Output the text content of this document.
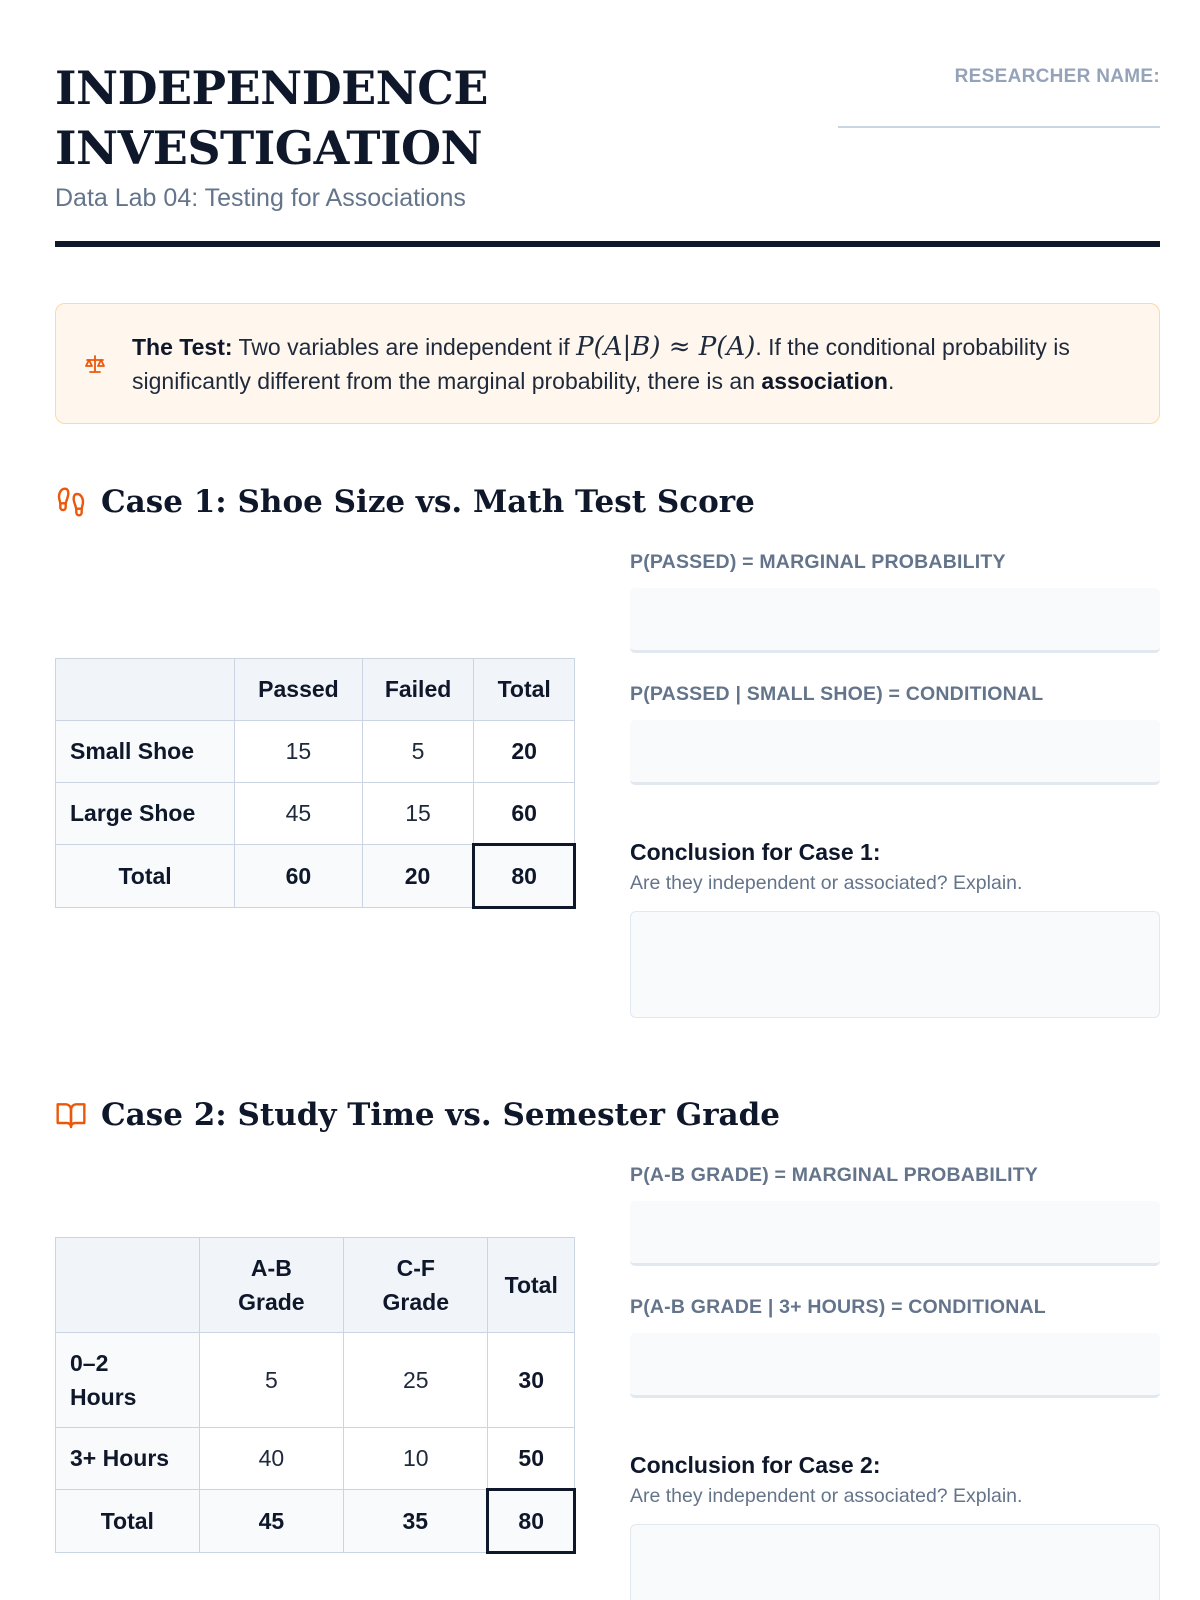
INDEPENDENCE
INVESTIGATION
Data Lab 04: Testing for Associations
RESEARCHER NAME:
The Test: Two variables are independent if P(A|B) ≈ P(A). If the conditional probability is significantly different from the marginal probability, there is an association.
Case 1: Shoe Size vs. Math Test Score
	Passed	Failed	Total
Small Shoe	15	5	20
Large Shoe	45	15	60
Total	60	20	80
P(PASSED) = MARGINAL PROBABILITY
P(PASSED | SMALL SHOE) = CONDITIONAL
Conclusion for Case 1:
Are they independent or associated? Explain.
Case 2: Study Time vs. Semester Grade
	A-B Grade	C-F Grade	Total
0–2 Hours	5	25	30
3+ Hours	40	10	50
Total	45	35	80
P(A-B GRADE) = MARGINAL PROBABILITY
P(A-B GRADE | 3+ HOURS) = CONDITIONAL
Conclusion for Case 2:
Are they independent or associated? Explain.
